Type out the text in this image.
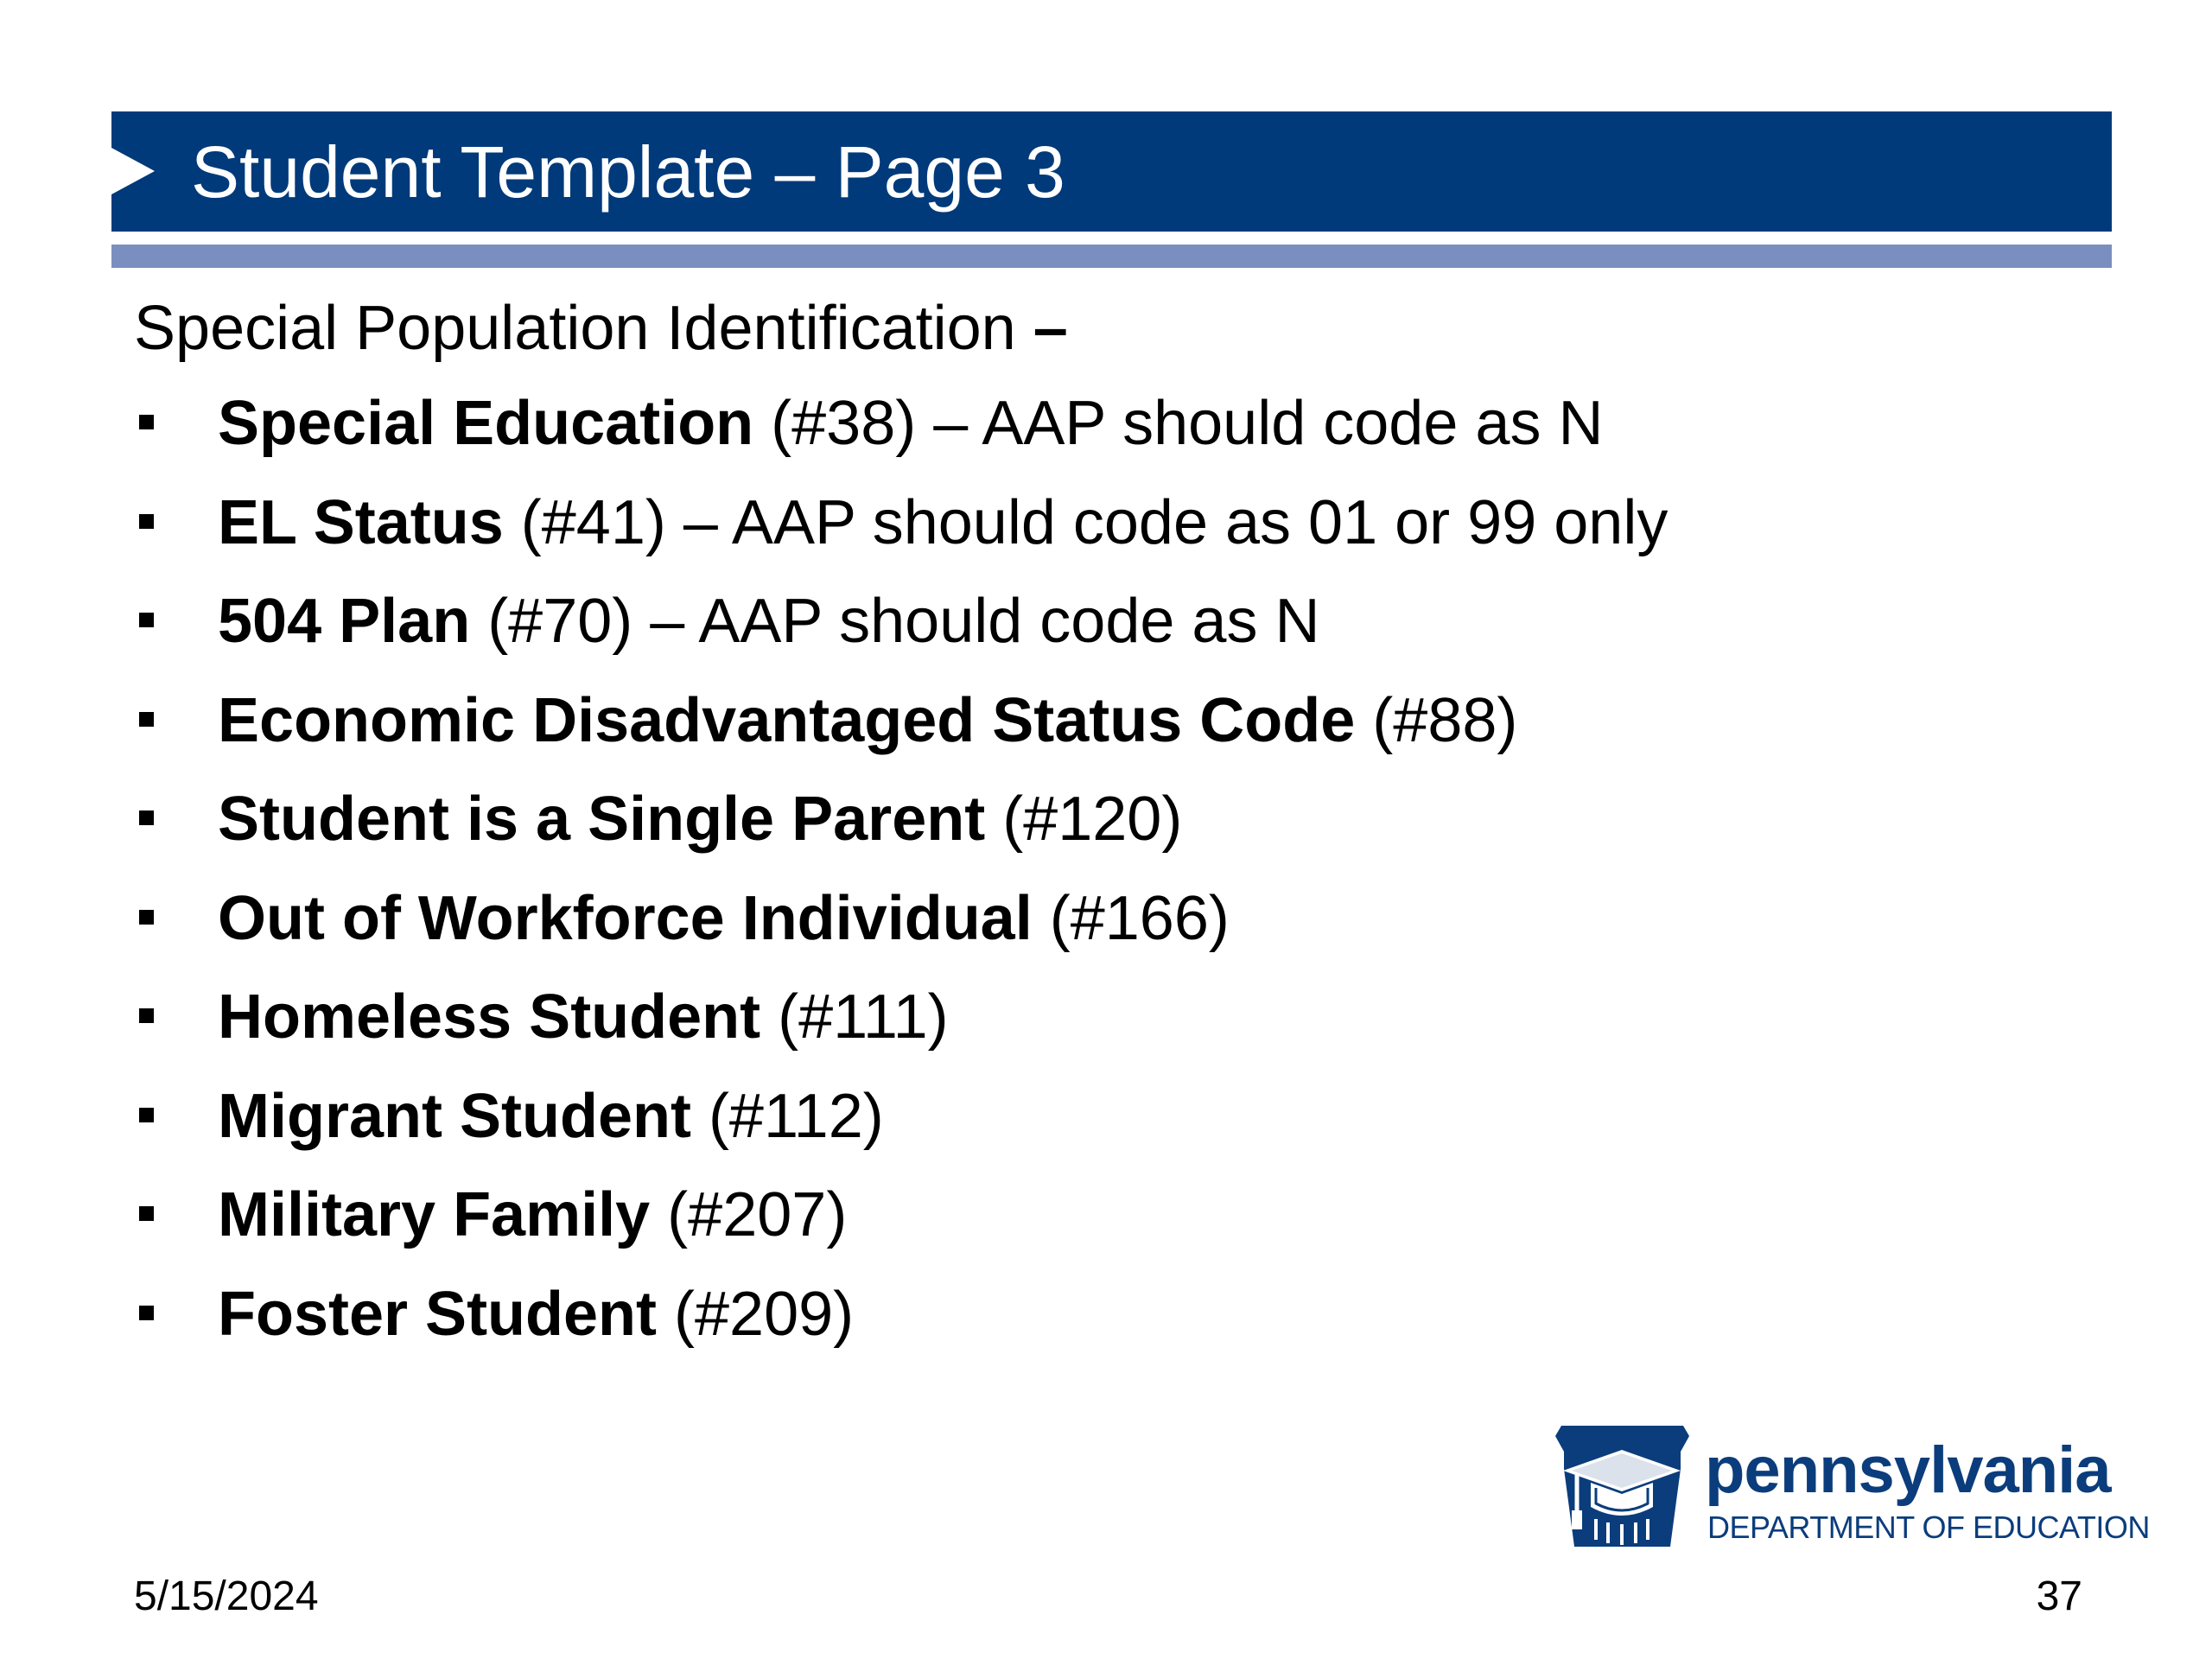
Student Template – Page 3
Special Population Identification –
Special Education (#38) – AAP should code as N
EL Status (#41) – AAP should code as 01 or 99 only
504 Plan (#70) – AAP should code as N
Economic Disadvantaged Status Code (#88)
Student is a Single Parent (#120)
Out of Workforce Individual (#166)
Homeless Student (#111)
Migrant Student (#112)
Military Family (#207)
Foster Student (#209)
pennsylvania
DEPARTMENT OF EDUCATION
5/15/2024	37
